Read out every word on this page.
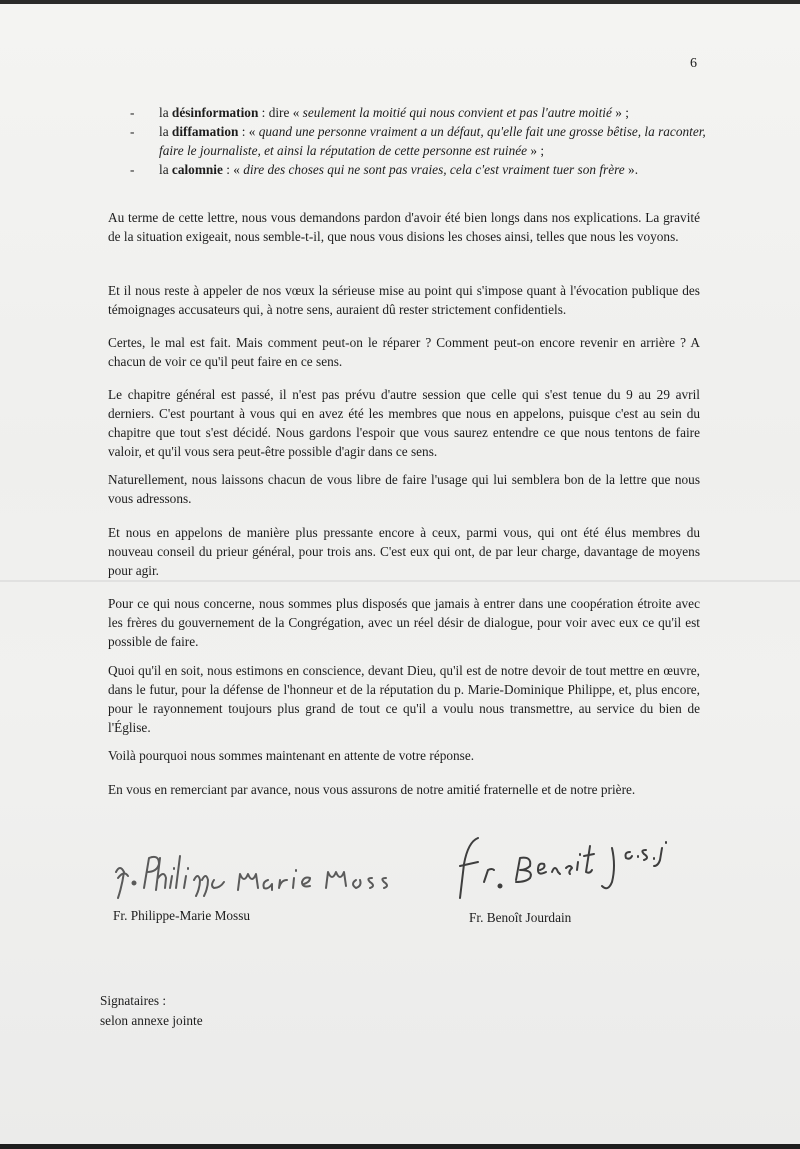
6
- la désinformation : dire « seulement la moitié qui nous convient et pas l'autre moitié » ;
- la diffamation : « quand une personne vraiment a un défaut, qu'elle fait une grosse bêtise, la raconter, faire le journaliste, et ainsi la réputation de cette personne est ruinée » ;
- la calomnie : « dire des choses qui ne sont pas vraies, cela c'est vraiment tuer son frère ».

Au terme de cette lettre, nous vous demandons pardon d'avoir été bien longs dans nos explications. La gravité de la situation exigeait, nous semble-t-il, que nous vous disions les choses ainsi, telles que nous les voyons.

Et il nous reste à appeler de nos vœux la sérieuse mise au point qui s'impose quant à l'évocation publique des témoignages accusateurs qui, à notre sens, auraient dû rester strictement confidentiels.

Certes, le mal est fait. Mais comment peut-on le réparer ? Comment peut-on encore revenir en arrière ? A chacun de voir ce qu'il peut faire en ce sens.

Le chapitre général est passé, il n'est pas prévu d'autre session que celle qui s'est tenue du 9 au 29 avril derniers. C'est pourtant à vous qui en avez été les membres que nous en appelons, puisque c'est au sein du chapitre que tout s'est décidé. Nous gardons l'espoir que vous saurez entendre ce que nous tentons de faire valoir, et qu'il vous sera peut-être possible d'agir dans ce sens.

Naturellement, nous laissons chacun de vous libre de faire l'usage qui lui semblera bon de la lettre que nous vous adressons.

Et nous en appelons de manière plus pressante encore à ceux, parmi vous, qui ont été élus membres du nouveau conseil du prieur général, pour trois ans. C'est eux qui ont, de par leur charge, davantage de moyens pour agir.

Pour ce qui nous concerne, nous sommes plus disposés que jamais à entrer dans une coopération étroite avec les frères du gouvernement de la Congrégation, avec un réel désir de dialogue, pour voir avec eux ce qu'il est possible de faire.

Quoi qu'il en soit, nous estimons en conscience, devant Dieu, qu'il est de notre devoir de tout mettre en œuvre, dans le futur, pour la défense de l'honneur et de la réputation du p. Marie-Dominique Philippe, et, plus encore, pour le rayonnement toujours plus grand de tout ce qu'il a voulu nous transmettre, au service du bien de l'Église.

Voilà pourquoi nous sommes maintenant en attente de votre réponse.

En vous en remerciant par avance, nous vous assurons de notre amitié fraternelle et de notre prière.

Fr. Philippe-Marie Mossu	Fr. Benoît Jourdain
Signataires :
selon annexe jointe
